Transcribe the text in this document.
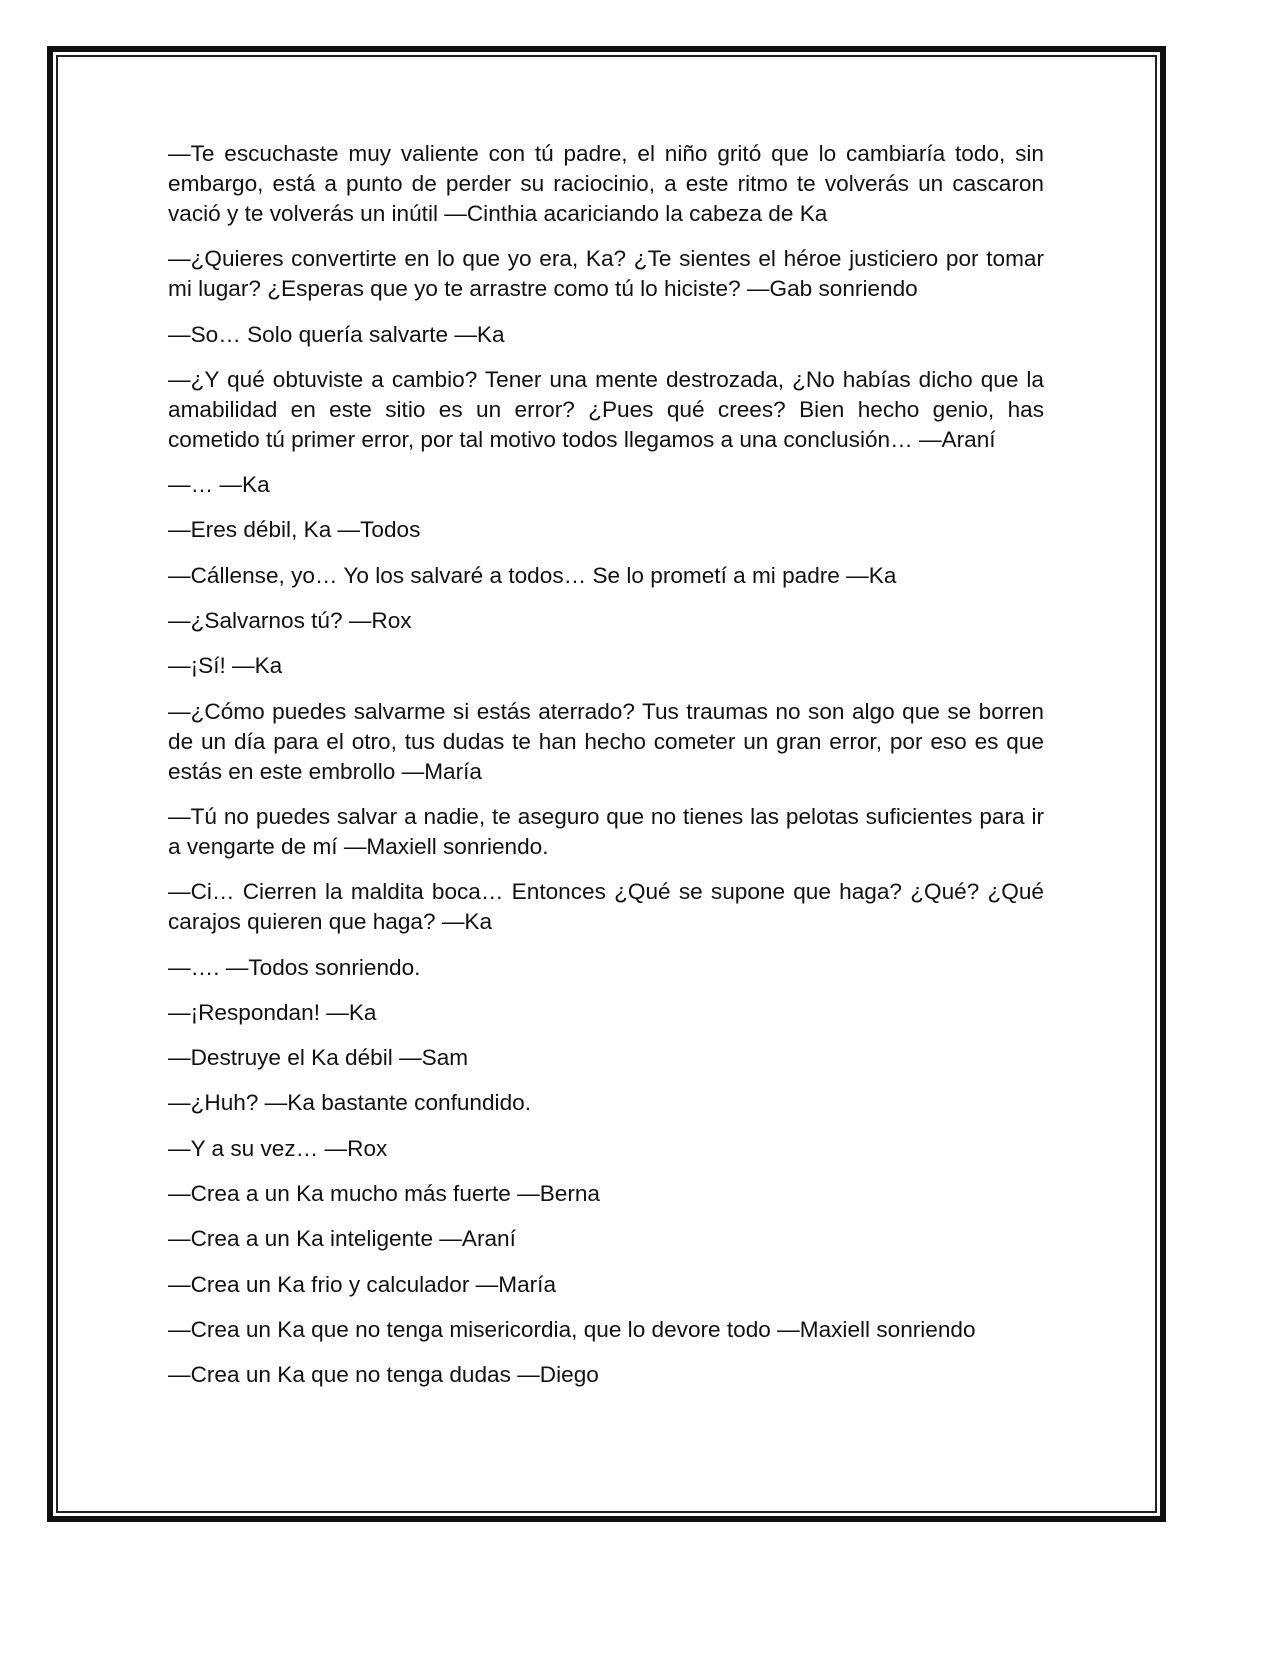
—Te escuchaste muy valiente con tú padre, el niño gritó que lo cambiaría todo, sin embargo, está a punto de perder su raciocinio, a este ritmo te volverás un cascaron vació y te volverás un inútil —Cinthia acariciando la cabeza de Ka

—¿Quieres convertirte en lo que yo era, Ka? ¿Te sientes el héroe justiciero por tomar mi lugar? ¿Esperas que yo te arrastre como tú lo hiciste? —Gab sonriendo

—So… Solo quería salvarte —Ka

—¿Y qué obtuviste a cambio? Tener una mente destrozada, ¿No habías dicho que la amabilidad en este sitio es un error? ¿Pues qué crees? Bien hecho genio, has cometido tú primer error, por tal motivo todos llegamos a una conclusión… —Araní

—… —Ka

—Eres débil, Ka —Todos

—Cállense, yo… Yo los salvaré a todos… Se lo prometí a mi padre —Ka

—¿Salvarnos tú? —Rox

—¡Sí! —Ka

—¿Cómo puedes salvarme si estás aterrado? Tus traumas no son algo que se borren de un día para el otro, tus dudas te han hecho cometer un gran error, por eso es que estás en este embrollo —María

—Tú no puedes salvar a nadie, te aseguro que no tienes las pelotas suficientes para ir a vengarte de mí —Maxiell sonriendo.

—Ci… Cierren la maldita boca… Entonces ¿Qué se supone que haga? ¿Qué? ¿Qué carajos quieren que haga? —Ka

—…. —Todos sonriendo.

—¡Respondan! —Ka

—Destruye el Ka débil —Sam

—¿Huh? —Ka bastante confundido.

—Y a su vez… —Rox

—Crea a un Ka mucho más fuerte —Berna

—Crea a un Ka inteligente —Araní

—Crea un Ka frio y calculador —María

—Crea un Ka que no tenga misericordia, que lo devore todo —Maxiell sonriendo

—Crea un Ka que no tenga dudas —Diego
